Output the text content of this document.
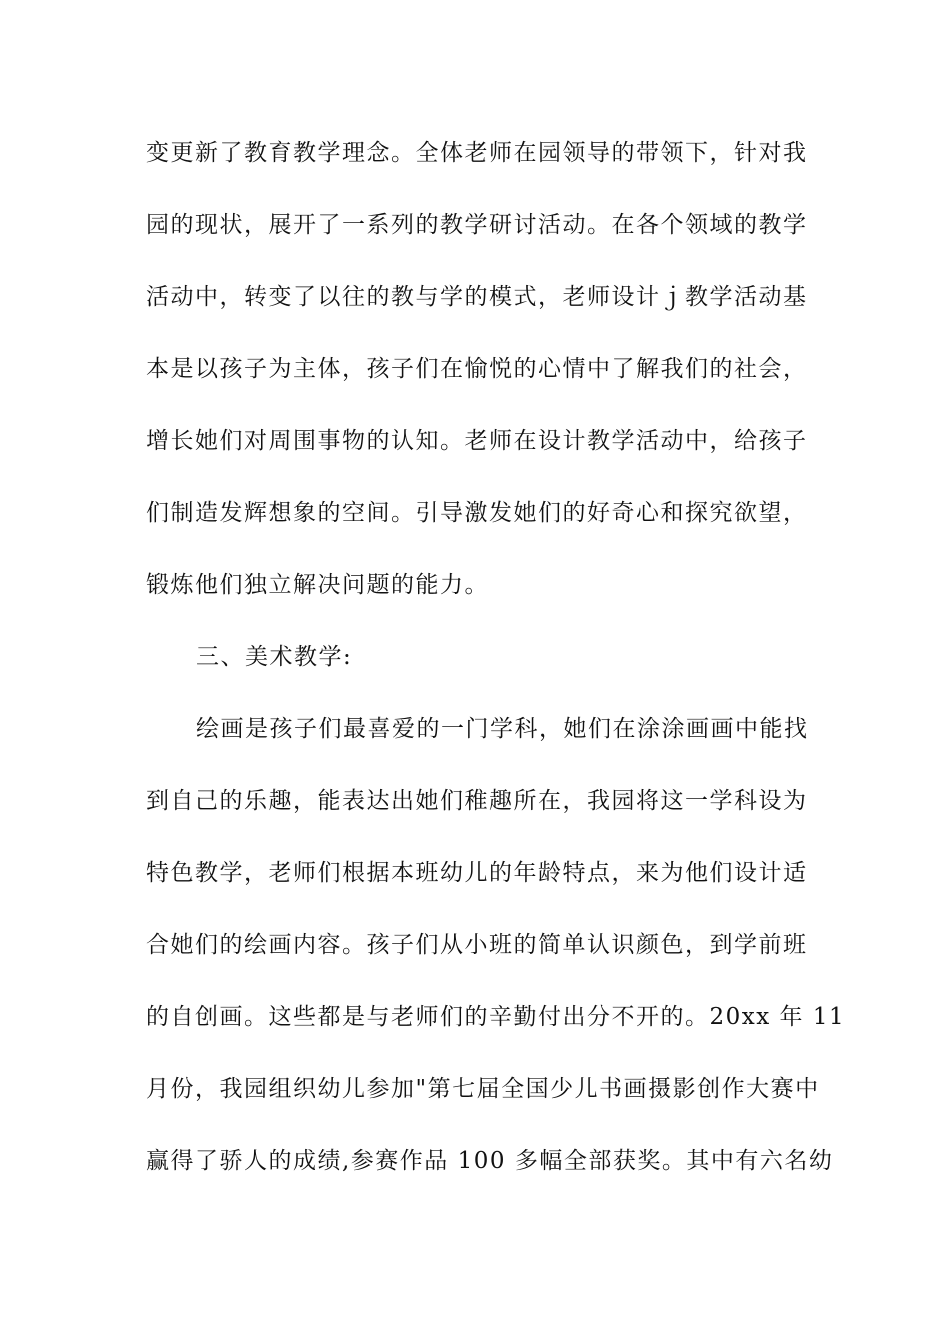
变更新了教育教学理念。全体老师在园领导的带领下，针对我
园的现状，展开了一系列的教学研讨活动。在各个领域的教学
活动中，转变了以往的教与学的模式，老师设计ｊ教学活动基
本是以孩子为主体，孩子们在愉悦的心情中了解我们的社会，
增长她们对周围事物的认知。老师在设计教学活动中，给孩子
们制造发辉想象的空间。引导激发她们的好奇心和探究欲望，
锻炼他们独立解决问题的能力。
三、美术教学:
绘画是孩子们最喜爱的一门学科，她们在涂涂画画中能找
到自己的乐趣，能表达出她们稚趣所在，我园将这一学科设为
特色教学，老师们根据本班幼儿的年龄特点，来为他们设计适
合她们的绘画内容。孩子们从小班的简单认识颜色，到学前班
的自创画。这些都是与老师们的辛勤付出分不开的。20xx 年 11
月份，我园组织幼儿参加"第七届全国少儿书画摄影创作大赛中
赢得了骄人的成绩,参赛作品 100 多幅全部获奖。其中有六名幼
